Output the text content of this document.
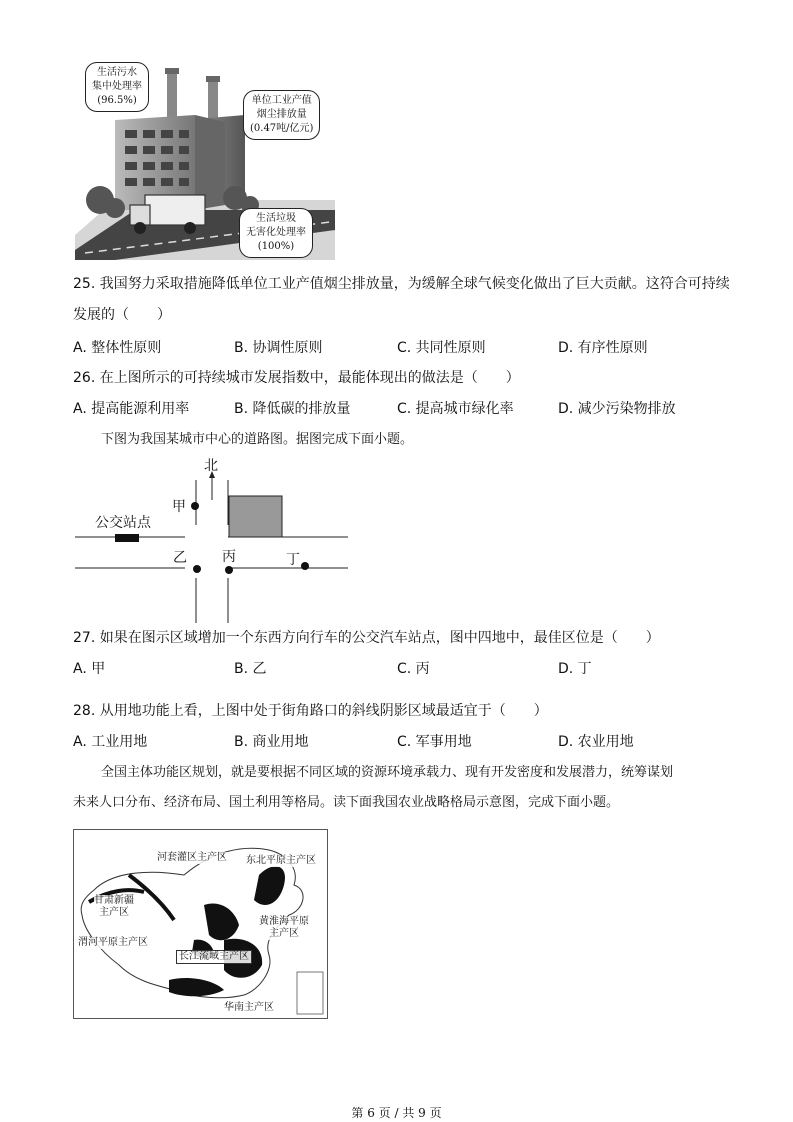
生活污水
集中处理率
(96.5%)	单位工业产值
烟尘排放量
(0.47吨/亿元)
生活垃圾
无害化处理率
(100%)
25. 我国努力采取措施降低单位工业产值烟尘排放量，为缓解全球气候变化做出了巨大贡献。这符合可持续
发展的（　　）
A. 整体性原则	B. 协调性原则	C. 共同性原则	D. 有序性原则
26. 在上图所示的可持续城市发展指数中，最能体现出的做法是（　　）
A. 提高能源利用率	B. 降低碳的排放量	C. 提高城市绿化率	D. 减少污染物排放
下图为我国某城市中心的道路图。据图完成下面小题。
北
公交站点
甲
乙	丙	丁
27. 如果在图示区域增加一个东西方向行车的公交汽车站点，图中四地中，最佳区位是（　　）
A. 甲	B. 乙	C. 丙	D. 丁
28. 从用地功能上看，上图中处于街角路口的斜线阴影区域最适宜于（　　）
A. 工业用地	B. 商业用地	C. 军事用地	D. 农业用地
全国主体功能区规划，就是要根据不同区域的资源环境承载力、现有开发密度和发展潜力，统筹谋划
未来人口分布、经济布局、国土利用等格局。读下面我国农业战略格局示意图，完成下面小题。
河套灌区主产区 东北平原主产区
甘肃新疆
主产区
黄淮海平原
主产区
渭河平原主产区
长江流域主产区
华南主产区
第 6 页 / 共 9 页
